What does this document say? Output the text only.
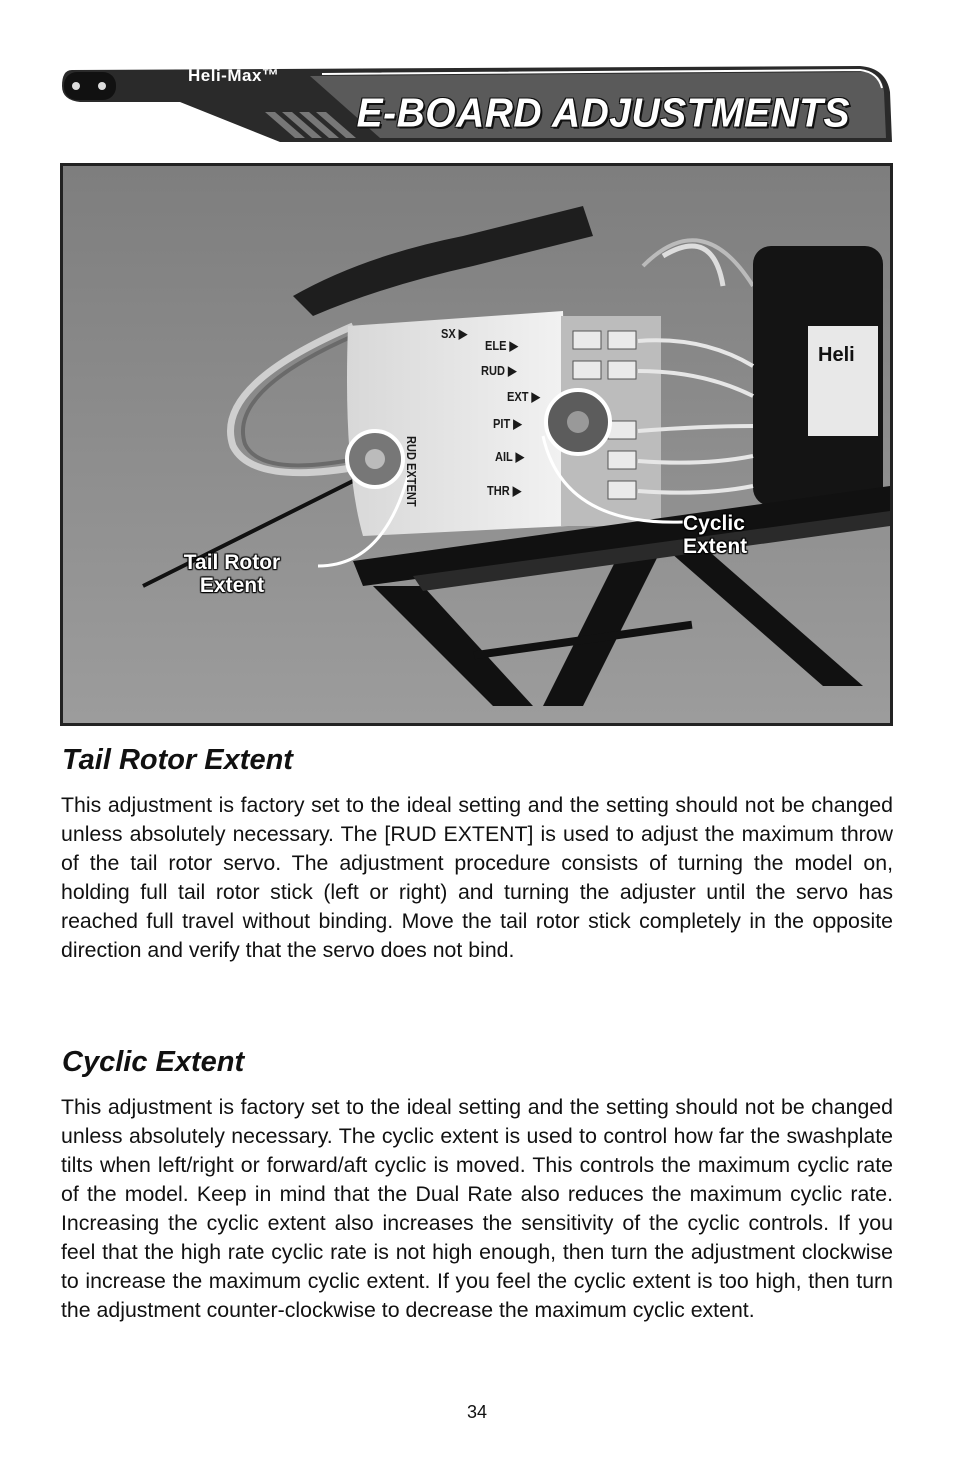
Heli-Max™
E-BOARD ADJUSTMENTS
Heli
SX ▶
ELE ▶
RUD ▶
EXT ▶
PIT ▶
AIL ▶
THR ▶
RUD EXTENT
Tail Rotor
Extent
Cyclic
Extent
Tail Rotor Extent

This adjustment is factory set to the ideal setting and the setting should not be changed unless absolutely necessary. The [RUD EXTENT] is used to adjust the maximum throw of the tail rotor servo. The adjustment procedure consists of turning the model on, holding full tail rotor stick (left or right) and turning the adjuster until the servo has reached full travel without binding. Move the tail rotor stick completely in the opposite direction and verify that the servo does not bind.

Cyclic Extent

This adjustment is factory set to the ideal setting and the setting should not be changed unless absolutely necessary. The cyclic extent is used to control how far the swashplate tilts when left/right or forward/aft cyclic is moved. This controls the maximum cyclic rate of the model. Keep in mind that the Dual Rate also reduces the maximum cyclic rate. Increasing the cyclic extent also increases the sensitivity of the cyclic controls. If you feel that the high rate cyclic rate is not high enough, then turn the adjustment clockwise to increase the maximum cyclic extent. If you feel the cyclic extent is too high, then turn the adjustment counter-clockwise to decrease the maximum cyclic extent.

34
